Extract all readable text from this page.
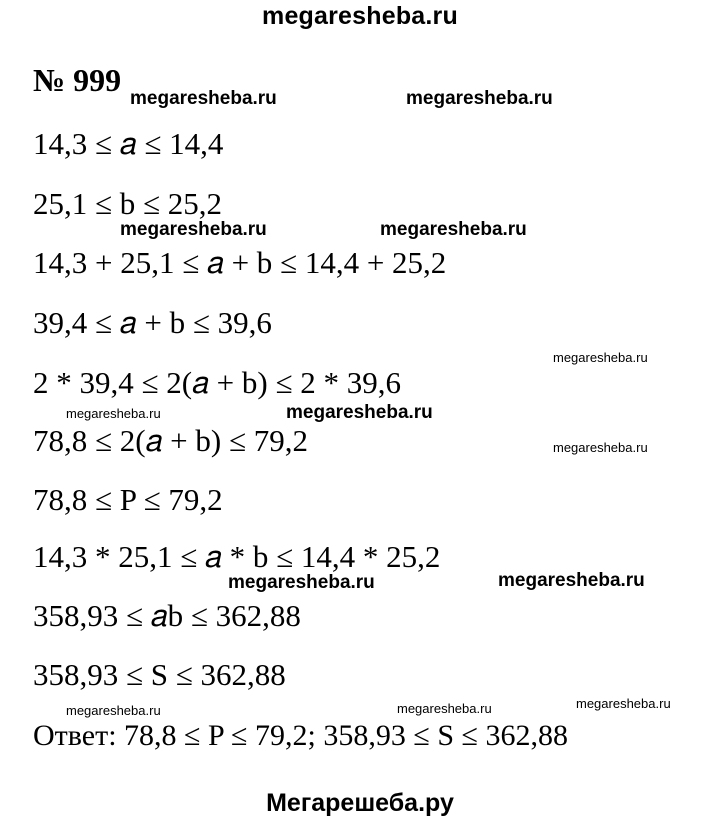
megaresheba.ru
№ 999
14,3 ≤ 𝑎 ≤ 14,4
25,1 ≤ b ≤ 25,2
14,3 + 25,1 ≤ 𝑎 + b ≤ 14,4 + 25,2
39,4 ≤ 𝑎 + b ≤ 39,6
2 * 39,4 ≤ 2(𝑎 + b) ≤ 2 * 39,6
78,8 ≤ 2(𝑎 + b) ≤ 79,2
78,8 ≤ P ≤ 79,2
14,3 * 25,1 ≤ 𝑎 * b ≤ 14,4 * 25,2
358,93 ≤ 𝑎b ≤ 362,88
358,93 ≤ S ≤ 362,88
Ответ: 78,8 ≤ P ≤ 79,2; 358,93 ≤ S ≤ 362,88
megaresheba.ru	megaresheba.ru
megaresheba.ru	megaresheba.ru
megaresheba.ru
megaresheba.ru	megaresheba.ru
megaresheba.ru
megaresheba.ru	megaresheba.ru
megaresheba.ru	megaresheba.ru	megaresheba.ru
Мегарешеба.ру
